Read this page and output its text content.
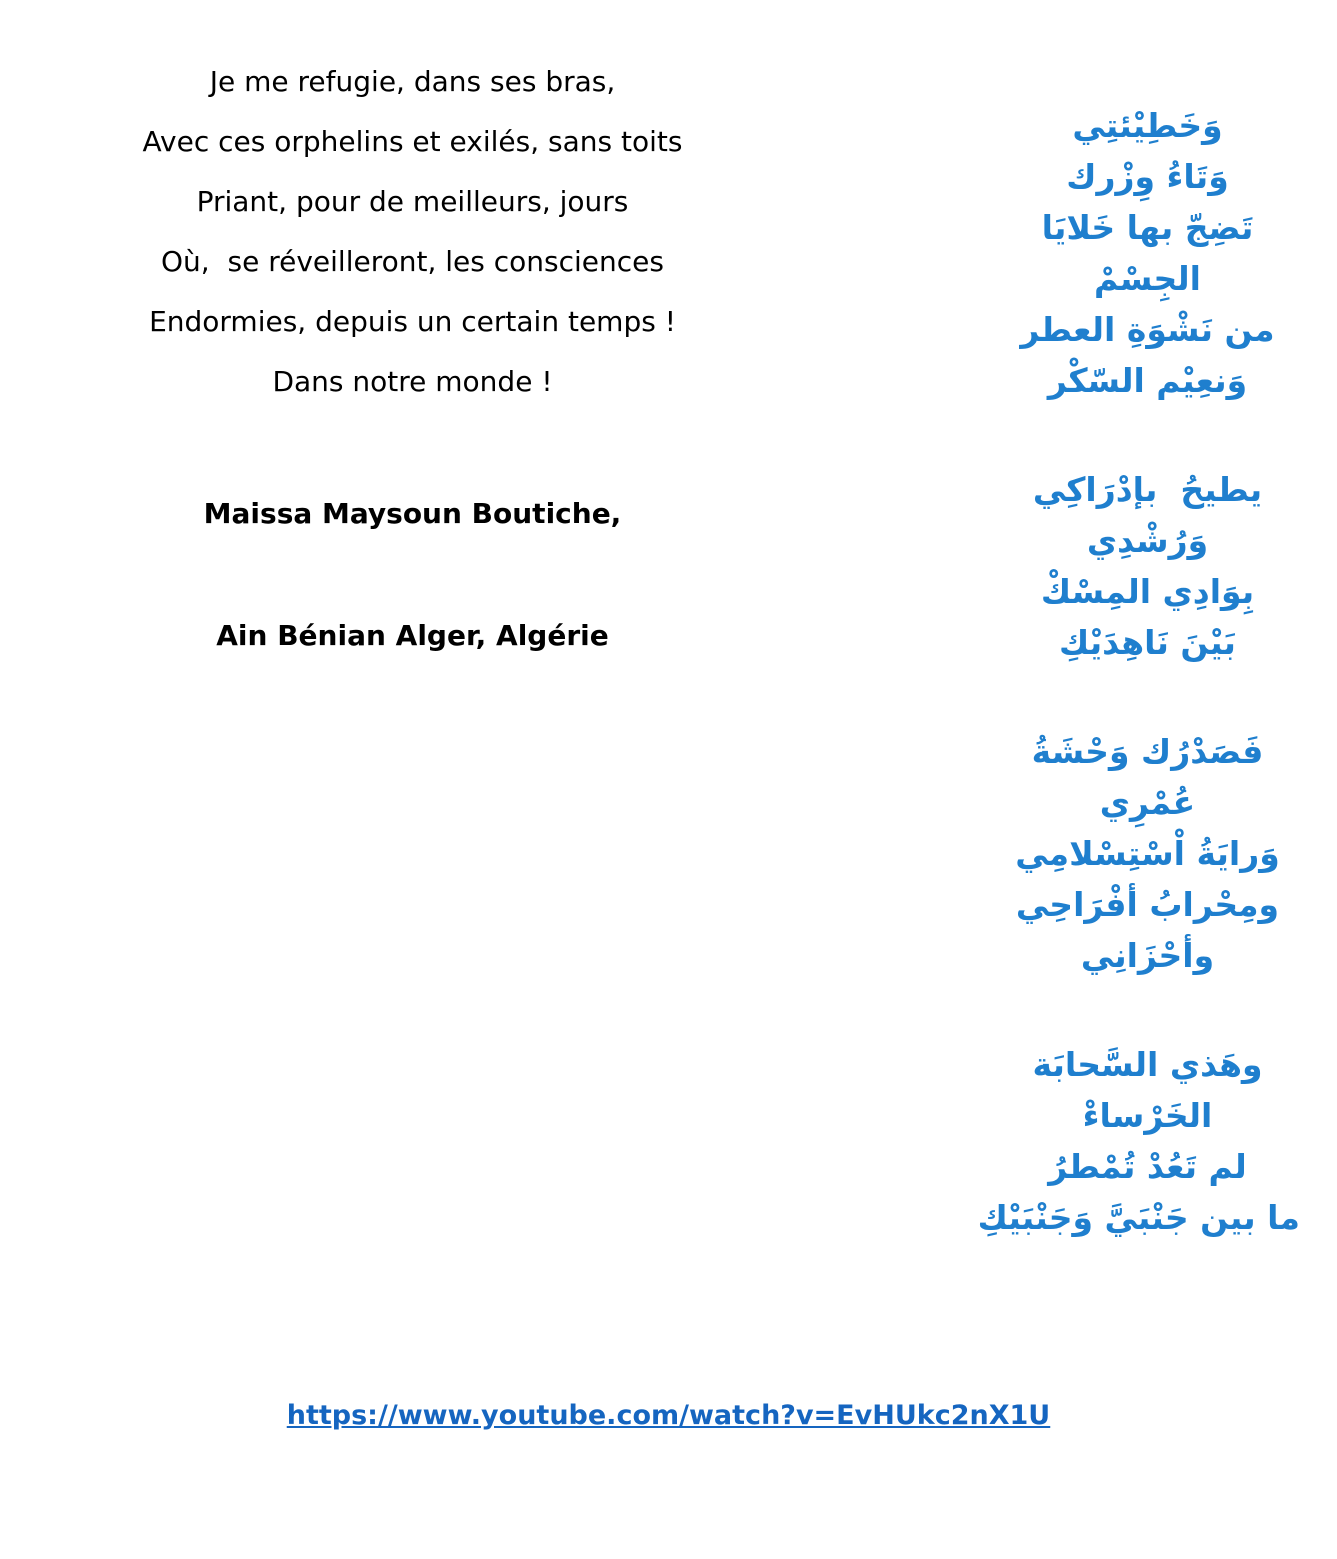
Je me refugie, dans ses bras,
Avec ces orphelins et exilés, sans toits
Priant, pour de meilleurs, jours
Où,  se réveilleront, les consciences
Endormies, depuis un certain temps !
Dans notre monde !
Maissa Maysoun Boutiche,
Ain Bénian Alger, Algérie
وَخَطِيْئتِي
وَتَاءُ وِزْرك
تَضِجّ بها خَلايَا
الجِسْمْ
من نَشْوَةِ العطر
وَنعِيْم السّكْر
يطيحُ  بإدْرَاكِي
وَرُشْدِي
بِوَادِي المِسْكْ
بَيْنَ نَاهِدَيْكِ
فَصَدْرُك وَحْشَةُ
عُمْرِي
وَرايَةُ اْسْتِسْلامِي
ومِحْرابُ أفْرَاحِي
وأحْزَانِي
وهَذي السَّحابَة
الخَرْساءْ
لم تَعُدْ تُمْطرُ
ما بين جَنْبَيَّ وَجَنْبَيْكِ
https://www.youtube.com/watch?v=EvHUkc2nX1U
